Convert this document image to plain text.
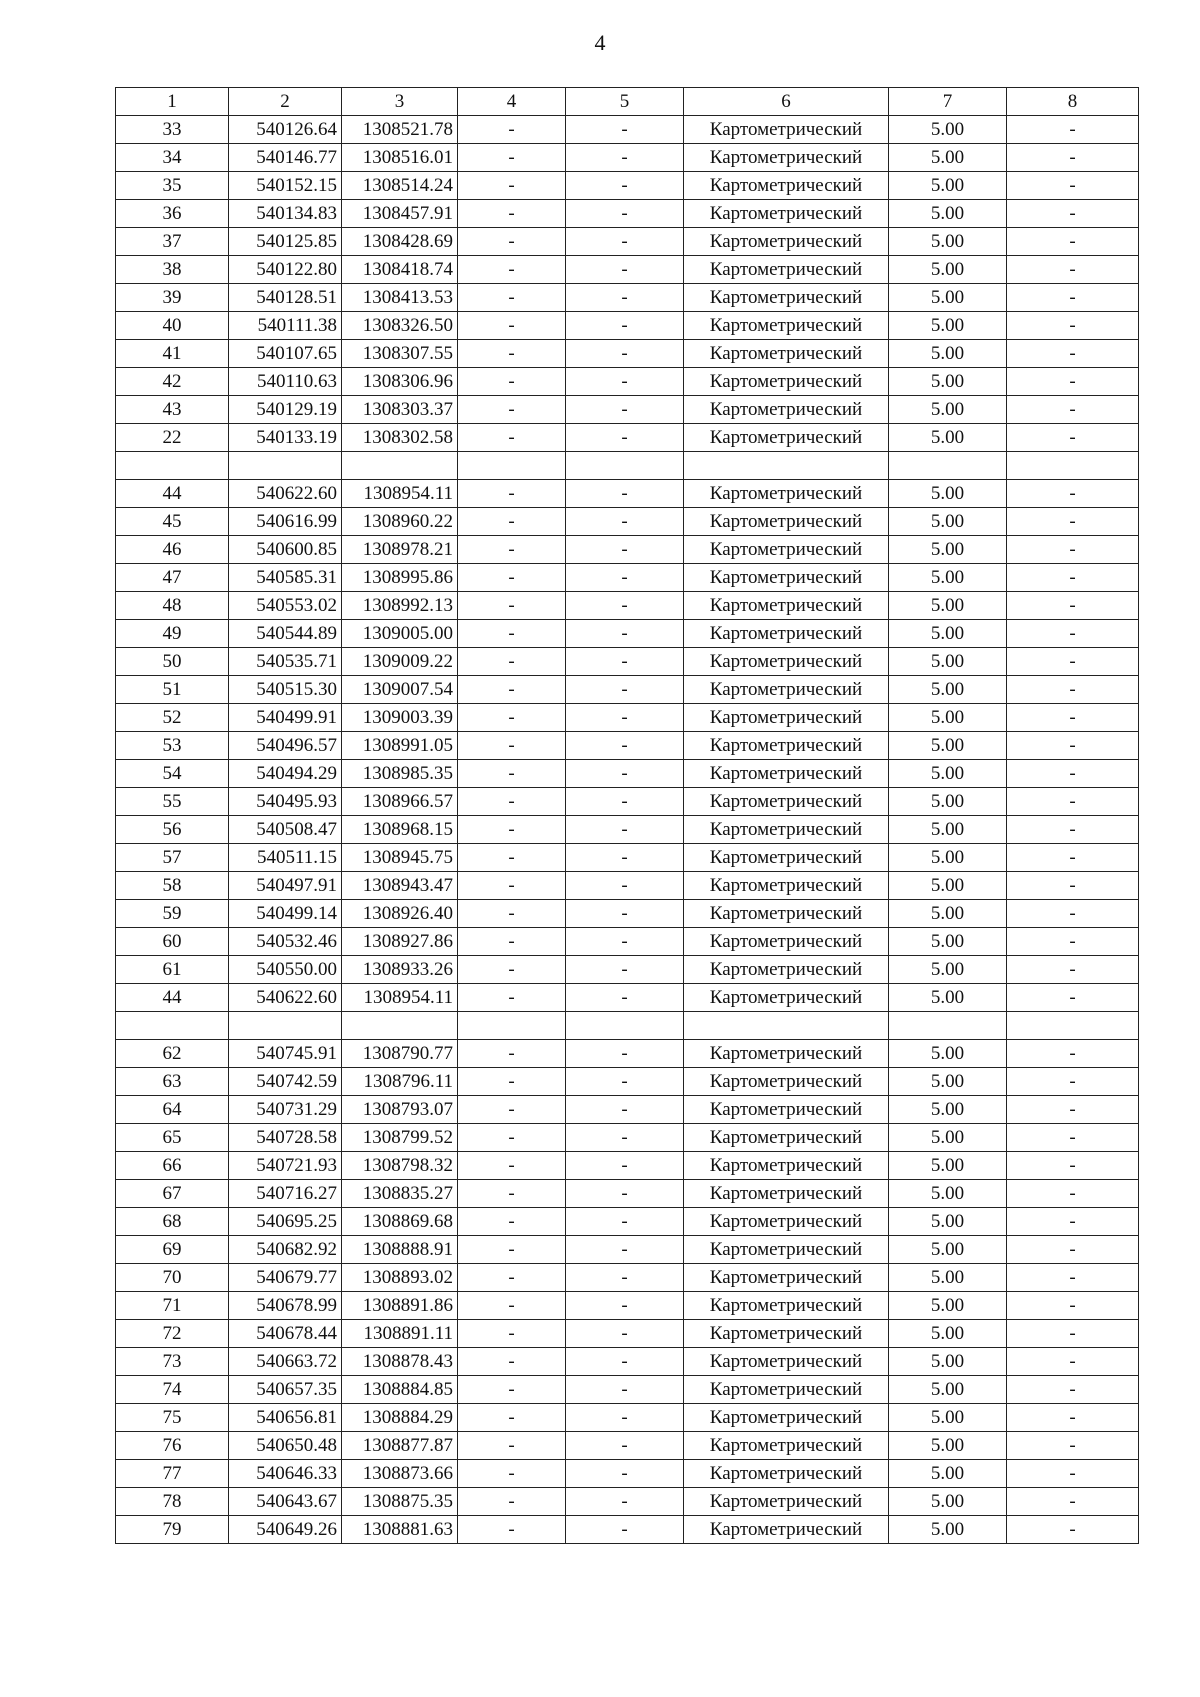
4
1	2	3	4	5	6	7	8
33	540126.64	1308521.78	-	-	Картометрический	5.00	-
34	540146.77	1308516.01	-	-	Картометрический	5.00	-
35	540152.15	1308514.24	-	-	Картометрический	5.00	-
36	540134.83	1308457.91	-	-	Картометрический	5.00	-
37	540125.85	1308428.69	-	-	Картометрический	5.00	-
38	540122.80	1308418.74	-	-	Картометрический	5.00	-
39	540128.51	1308413.53	-	-	Картометрический	5.00	-
40	540111.38	1308326.50	-	-	Картометрический	5.00	-
41	540107.65	1308307.55	-	-	Картометрический	5.00	-
42	540110.63	1308306.96	-	-	Картометрический	5.00	-
43	540129.19	1308303.37	-	-	Картометрический	5.00	-
22	540133.19	1308302.58	-	-	Картометрический	5.00	-

44	540622.60	1308954.11	-	-	Картометрический	5.00	-
45	540616.99	1308960.22	-	-	Картометрический	5.00	-
46	540600.85	1308978.21	-	-	Картометрический	5.00	-
47	540585.31	1308995.86	-	-	Картометрический	5.00	-
48	540553.02	1308992.13	-	-	Картометрический	5.00	-
49	540544.89	1309005.00	-	-	Картометрический	5.00	-
50	540535.71	1309009.22	-	-	Картометрический	5.00	-
51	540515.30	1309007.54	-	-	Картометрический	5.00	-
52	540499.91	1309003.39	-	-	Картометрический	5.00	-
53	540496.57	1308991.05	-	-	Картометрический	5.00	-
54	540494.29	1308985.35	-	-	Картометрический	5.00	-
55	540495.93	1308966.57	-	-	Картометрический	5.00	-
56	540508.47	1308968.15	-	-	Картометрический	5.00	-
57	540511.15	1308945.75	-	-	Картометрический	5.00	-
58	540497.91	1308943.47	-	-	Картометрический	5.00	-
59	540499.14	1308926.40	-	-	Картометрический	5.00	-
60	540532.46	1308927.86	-	-	Картометрический	5.00	-
61	540550.00	1308933.26	-	-	Картометрический	5.00	-
44	540622.60	1308954.11	-	-	Картометрический	5.00	-

62	540745.91	1308790.77	-	-	Картометрический	5.00	-
63	540742.59	1308796.11	-	-	Картометрический	5.00	-
64	540731.29	1308793.07	-	-	Картометрический	5.00	-
65	540728.58	1308799.52	-	-	Картометрический	5.00	-
66	540721.93	1308798.32	-	-	Картометрический	5.00	-
67	540716.27	1308835.27	-	-	Картометрический	5.00	-
68	540695.25	1308869.68	-	-	Картометрический	5.00	-
69	540682.92	1308888.91	-	-	Картометрический	5.00	-
70	540679.77	1308893.02	-	-	Картометрический	5.00	-
71	540678.99	1308891.86	-	-	Картометрический	5.00	-
72	540678.44	1308891.11	-	-	Картометрический	5.00	-
73	540663.72	1308878.43	-	-	Картометрический	5.00	-
74	540657.35	1308884.85	-	-	Картометрический	5.00	-
75	540656.81	1308884.29	-	-	Картометрический	5.00	-
76	540650.48	1308877.87	-	-	Картометрический	5.00	-
77	540646.33	1308873.66	-	-	Картометрический	5.00	-
78	540643.67	1308875.35	-	-	Картометрический	5.00	-
79	540649.26	1308881.63	-	-	Картометрический	5.00	-
